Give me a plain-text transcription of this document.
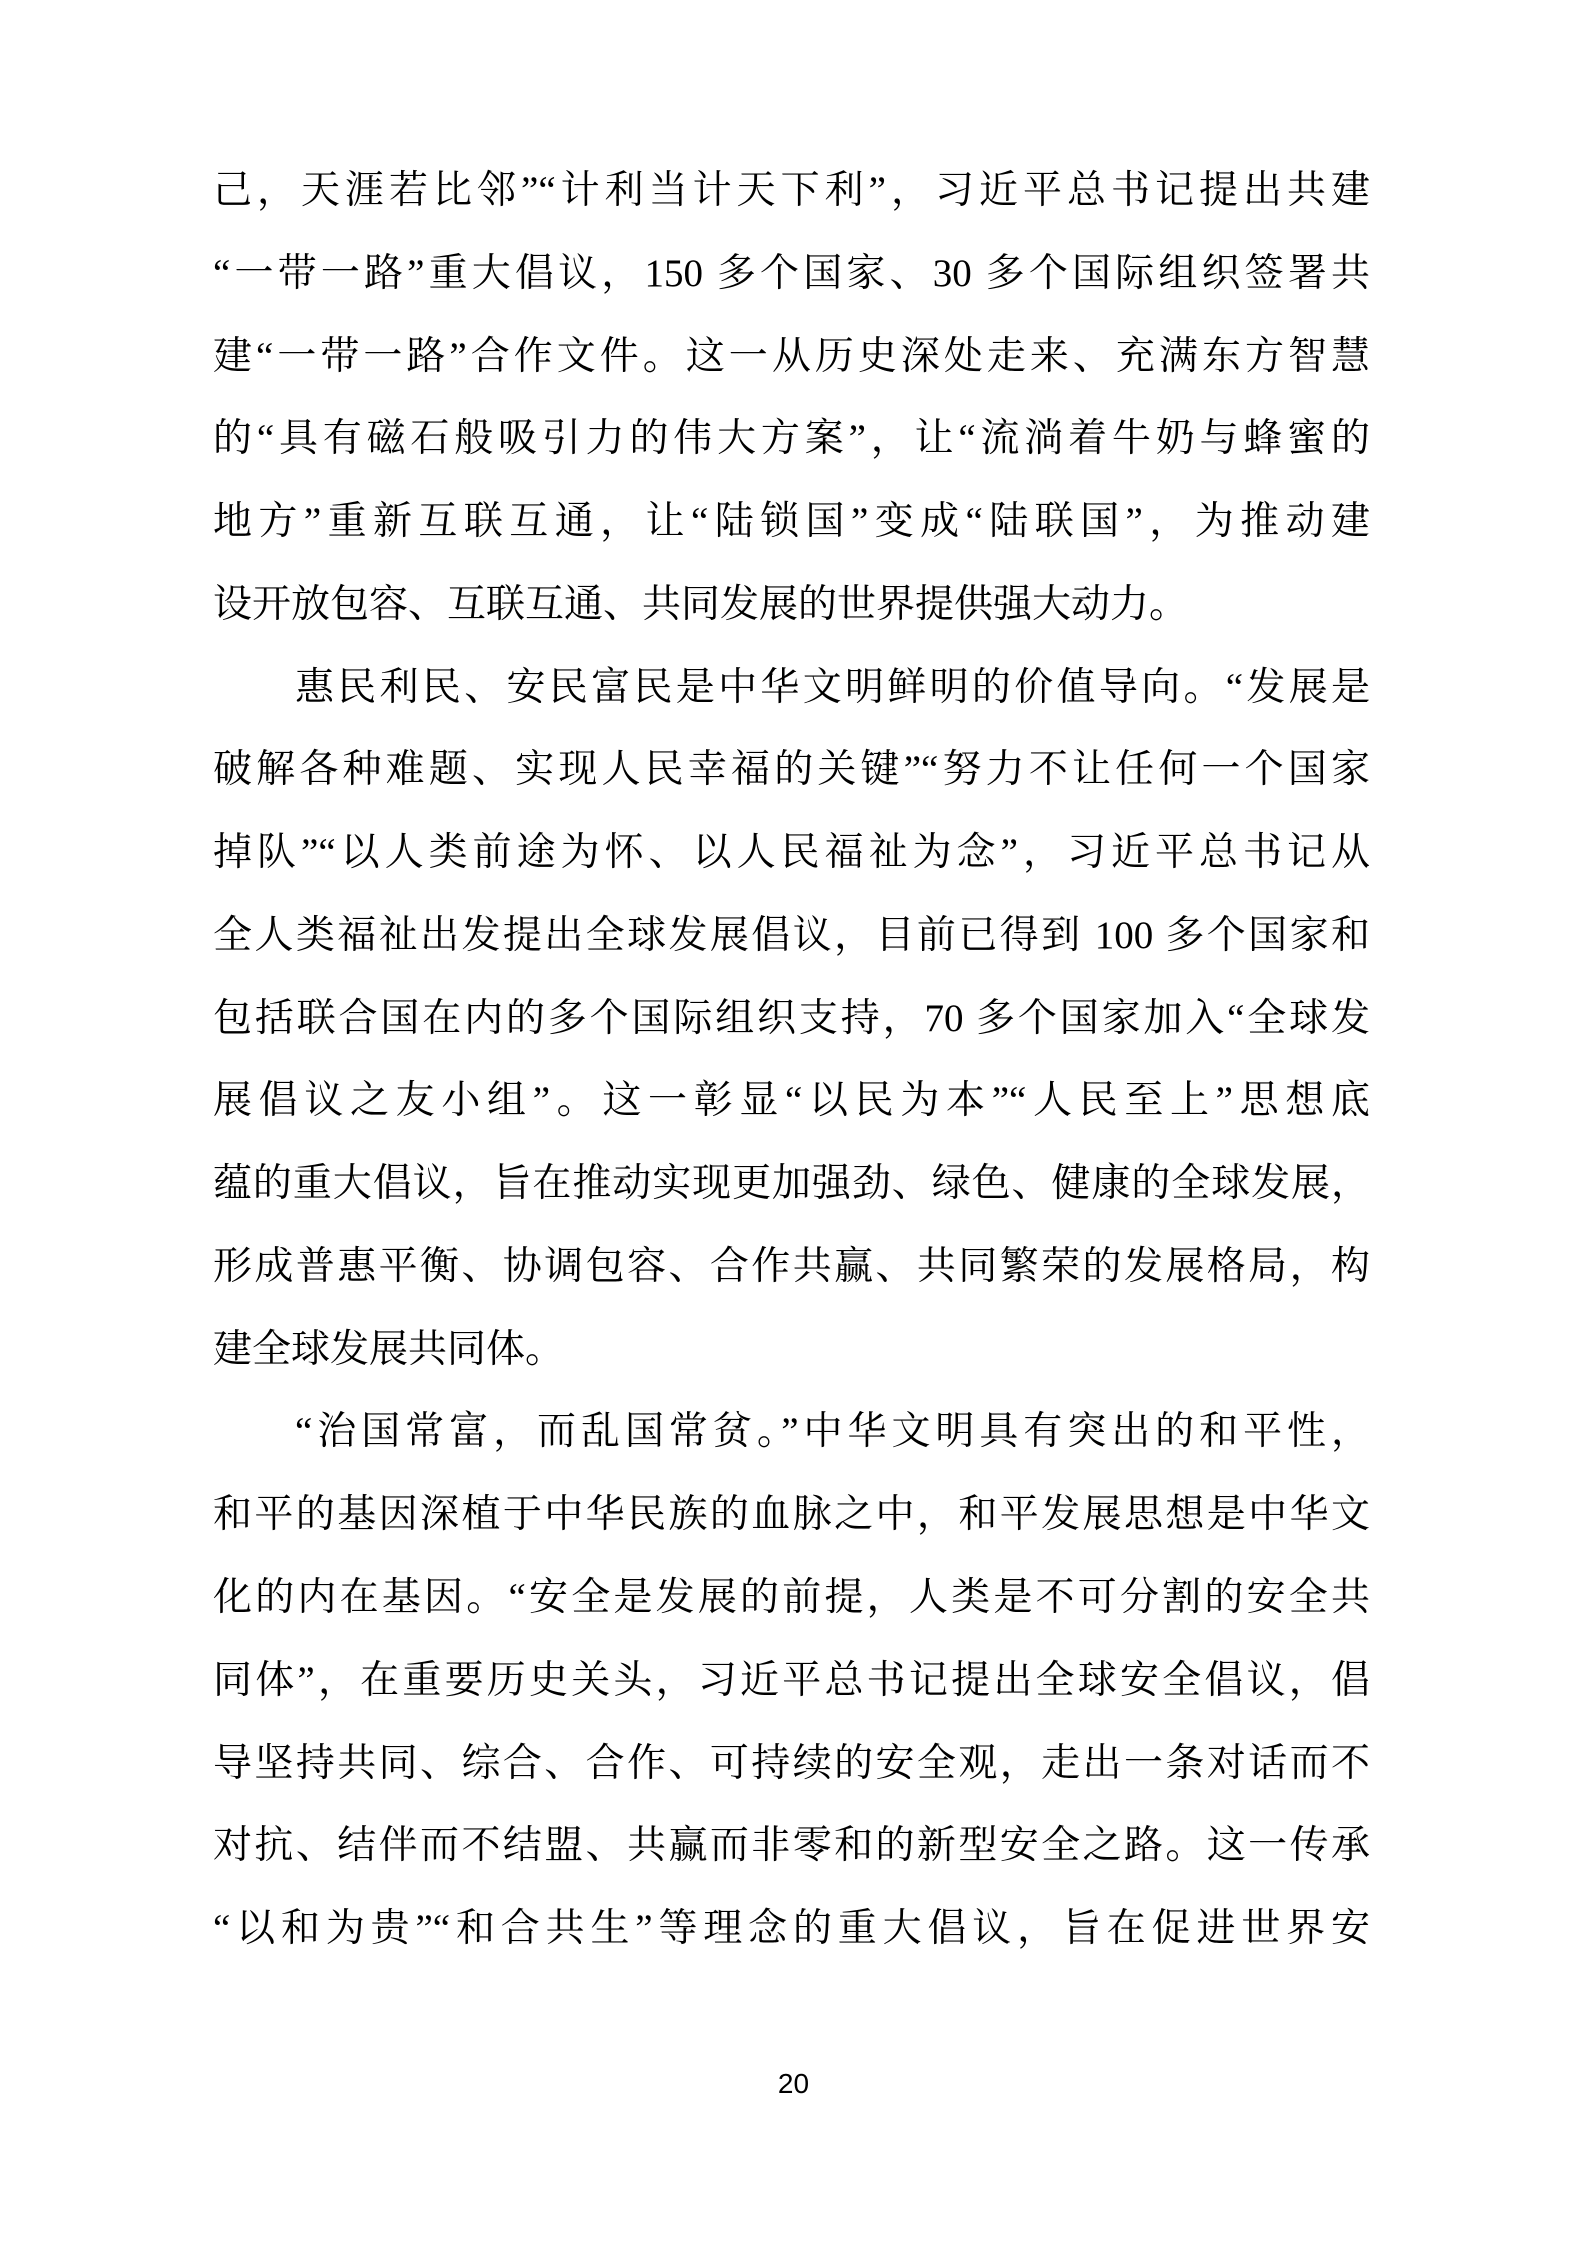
己，天涯若比邻”“计利当计天下利”，习近平总书记提出共建
“一带一路”重大倡议，150 多个国家、30 多个国际组织签署共
建“一带一路”合作文件。这一从历史深处走来、充满东方智慧
的“具有磁石般吸引力的伟大方案”，让“流淌着牛奶与蜂蜜的
地方”重新互联互通，让“陆锁国”变成“陆联国”，为推动建
设开放包容、互联互通、共同发展的世界提供强大动力。
惠民利民、安民富民是中华文明鲜明的价值导向。“发展是
破解各种难题、实现人民幸福的关键”“努力不让任何一个国家
掉队”“以人类前途为怀、以人民福祉为念”，习近平总书记从
全人类福祉出发提出全球发展倡议，目前已得到 100 多个国家和
包括联合国在内的多个国际组织支持，70 多个国家加入“全球发
展倡议之友小组”。这一彰显“以民为本”“人民至上”思想底
蕴的重大倡议，旨在推动实现更加强劲、绿色、健康的全球发展，
形成普惠平衡、协调包容、合作共赢、共同繁荣的发展格局，构
建全球发展共同体。
“治国常富，而乱国常贫。”中华文明具有突出的和平性，
和平的基因深植于中华民族的血脉之中，和平发展思想是中华文
化的内在基因。“安全是发展的前提，人类是不可分割的安全共
同体”，在重要历史关头，习近平总书记提出全球安全倡议，倡
导坚持共同、综合、合作、可持续的安全观，走出一条对话而不
对抗、结伴而不结盟、共赢而非零和的新型安全之路。这一传承
“以和为贵”“和合共生”等理念的重大倡议，旨在促进世界安
20
